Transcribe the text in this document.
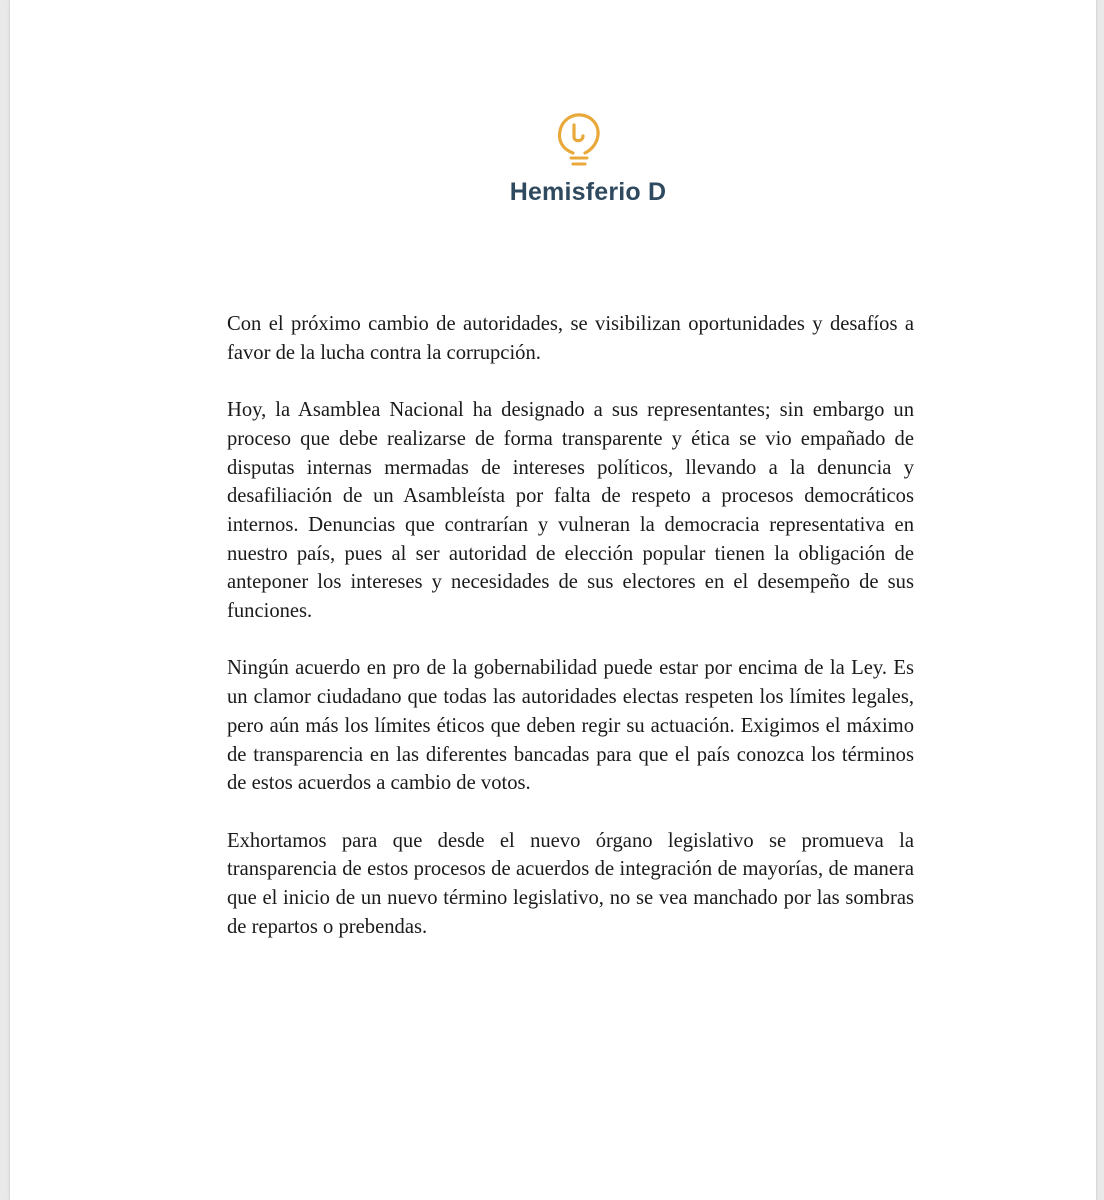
Hemisferio D

Con el próximo cambio de autoridades, se visibilizan oportunidades y desafíos a favor de la lucha contra la corrupción.

Hoy, la Asamblea Nacional ha designado a sus representantes; sin embargo un proceso que debe realizarse de forma transparente y ética se vio empañado de disputas internas mermadas de intereses políticos, llevando a la denuncia y desafiliación de un Asambleísta por falta de respeto a procesos democráticos internos. Denuncias que contrarían y vulneran la democracia representativa en nuestro país, pues al ser autoridad de elección popular tienen la obligación de anteponer los intereses y necesidades de sus electores en el desempeño de sus funciones.

Ningún acuerdo en pro de la gobernabilidad puede estar por encima de la Ley. Es un clamor ciudadano que todas las autoridades electas respeten los límites legales, pero aún más los límites éticos que deben regir su actuación. Exigimos el máximo de transparencia en las diferentes bancadas para que el país conozca los términos de estos acuerdos a cambio de votos.

Exhortamos para que desde el nuevo órgano legislativo se promueva la transparencia de estos procesos de acuerdos de integración de mayorías, de manera que el inicio de un nuevo término legislativo, no se vea manchado por las sombras de repartos o prebendas.
